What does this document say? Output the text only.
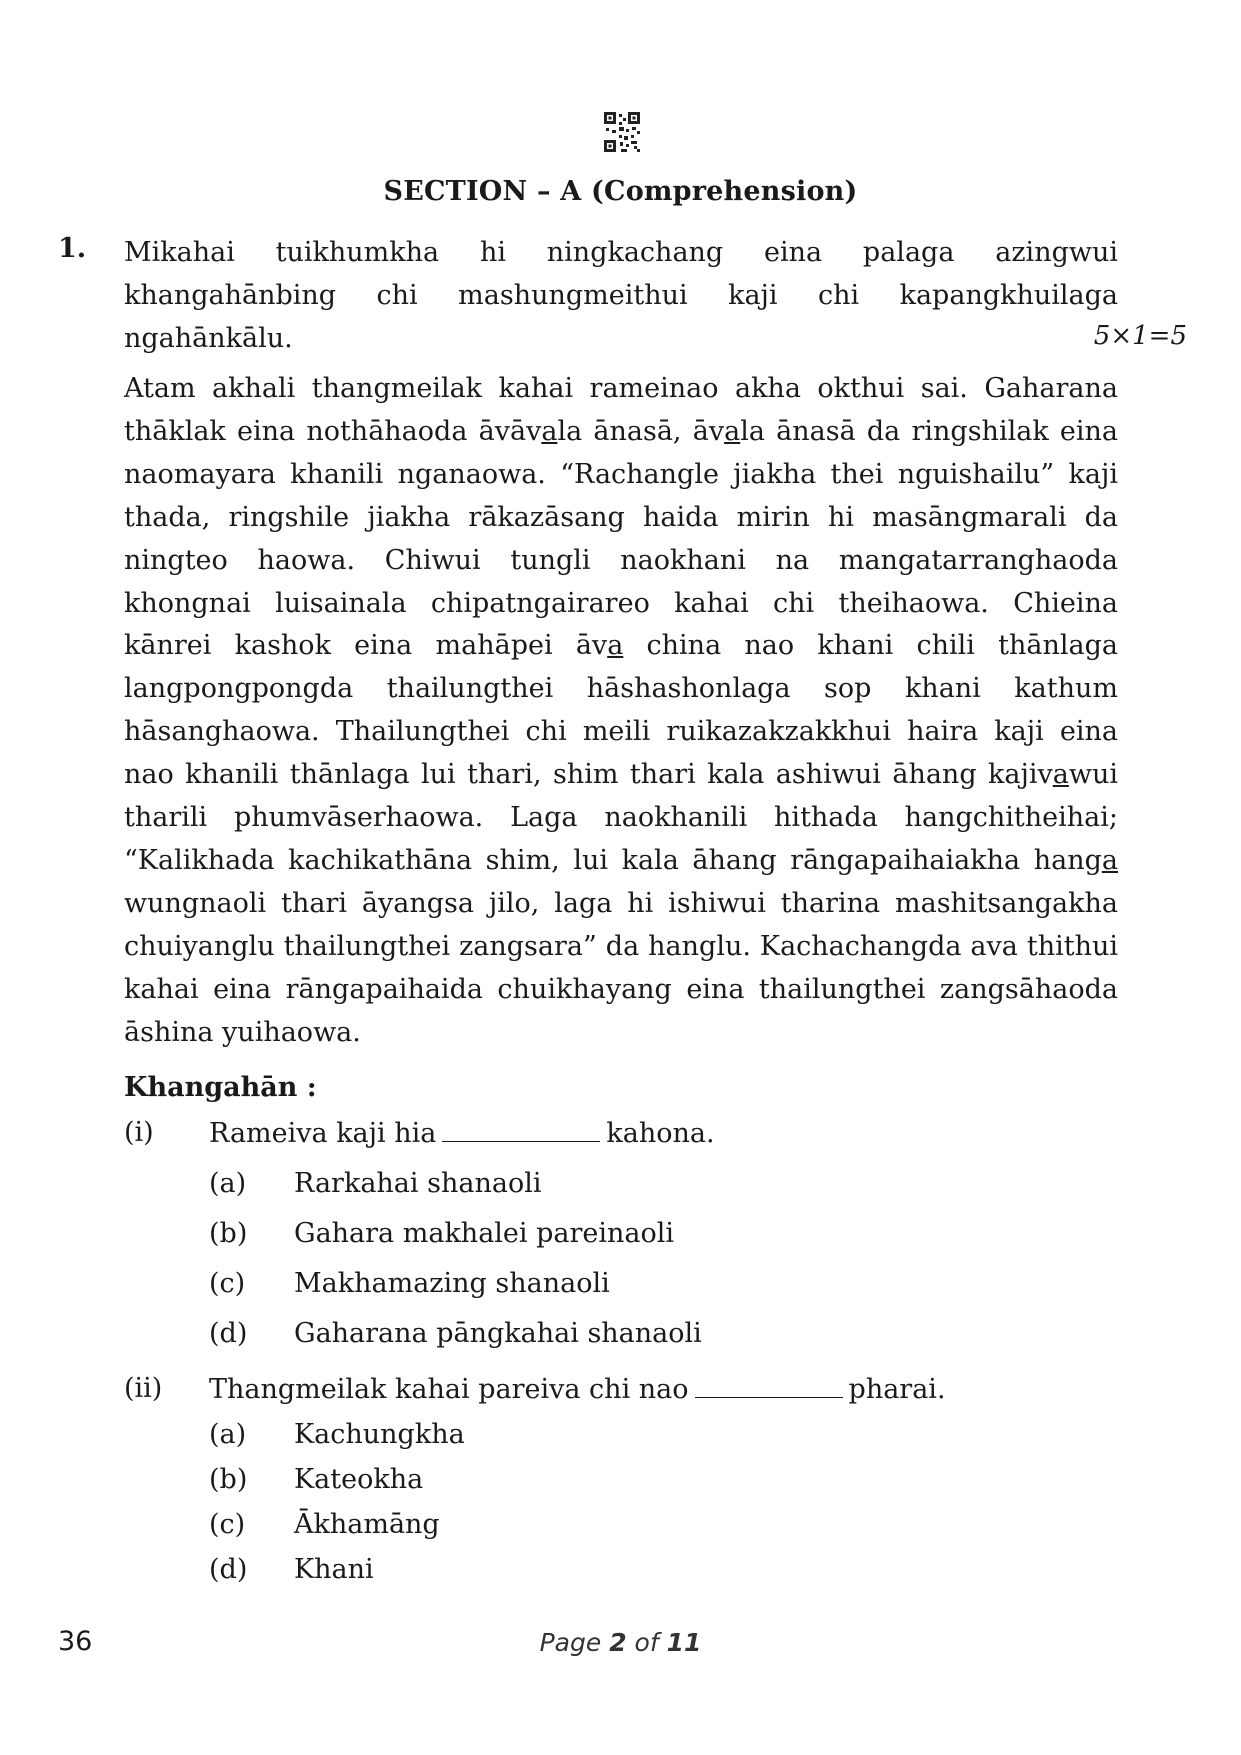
SECTION – A (Comprehension)
1. Mikahai tuikhumkha hi ningkachang eina palaga azingwui khangahānbing chi mashungmeithui kaji chi kapangkhuilaga ngahānkālu.	5×1=5
Atam akhali thangmeilak kahai rameinao akha okthui sai. Gaharana thāklak eina nothāhaoda āvāvala ānasā, āvala ānasā da ringshilak eina naomayara khanili nganaowa. “Rachangle jiakha thei nguishailu” kaji thada, ringshile jiakha rākazāsang haida mirin hi masāngmarali da ningteo haowa. Chiwui tungli naokhani na mangatarranghaoda khongnai luisainala chipatngairareo kahai chi theihaowa. Chieina kānrei kashok eina mahāpei āva china nao khani chili thānlaga langpongpongda thailungthei hāshashonlaga sop khani kathum hāsanghaowa. Thailungthei chi meili ruikazakzakkhui haira kaji eina nao khanili thānlaga lui thari, shim thari kala ashiwui āhang kajivawui tharili phumvāserhaowa. Laga naokhanili hithada hangchitheihai; “Kalikhada kachikathāna shim, lui kala āhang rāngapaihaiakha hanga wungnaoli thari āyangsa jilo, laga hi ishiwui tharina mashitsangakha chuiyanglu thailungthei zangsara” da hanglu. Kachachangda ava thithui kahai eina rāngapaihaida chuikhayang eina thailungthei zangsāhaoda āshina yuihaowa.
Khangahān :
(i) Rameiva kaji hia	kahona.
(a) Rarkahai shanaoli
(b) Gahara makhalei pareinaoli
(c) Makhamazing shanaoli
(d) Gaharana pāngkahai shanaoli
(ii) Thangmeilak kahai pareiva chi nao	pharai.
(a) Kachungkha
(b) Kateokha
(c) Ākhamāng
(d) Khani
36	Page 2 of 11
